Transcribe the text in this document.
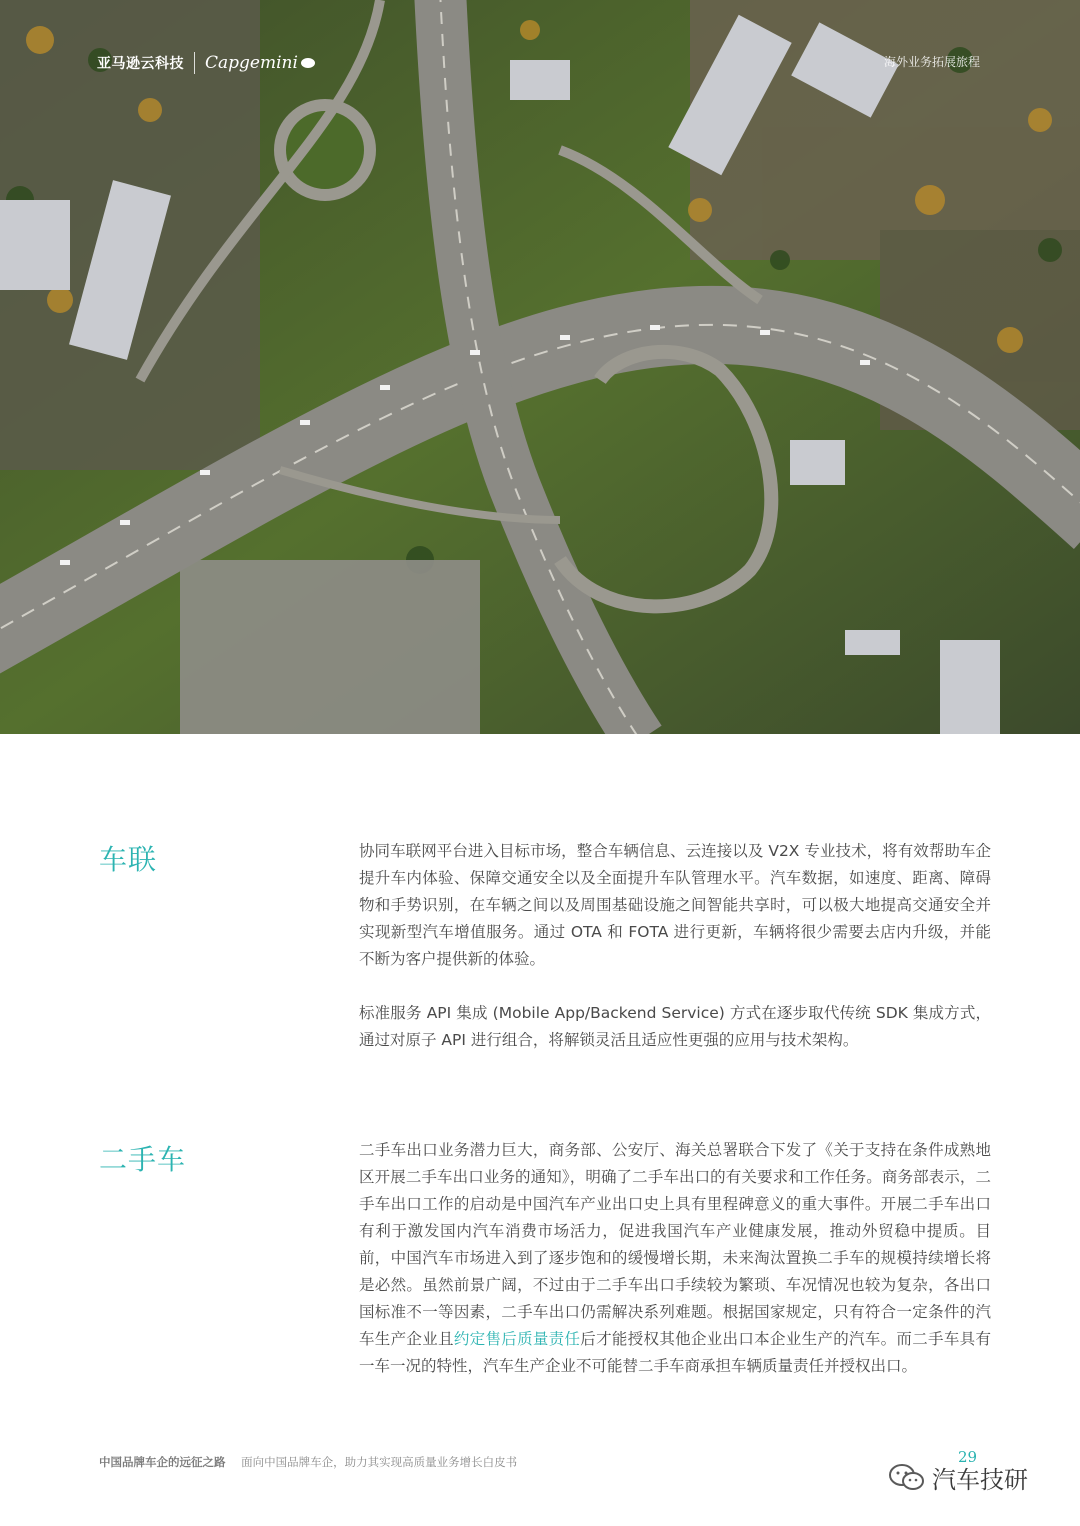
亚马逊云科技 Capgemini	海外业务拓展旅程
车联	协同车联网平台进入目标市场，整合车辆信息、云连接以及 V2X 专业技术，将有效帮助车企提升车内体验、保障交通安全以及全面提升车队管理水平。汽车数据，如速度、距离、障碍物和手势识别，在车辆之间以及周围基础设施之间智能共享时，可以极大地提高交通安全并实现新型汽车增值服务。通过 OTA 和 FOTA 进行更新，车辆将很少需要去店内升级，并能不断为客户提供新的体验。

标准服务 API 集成 (Mobile App/Backend Service) 方式在逐步取代传统 SDK 集成方式，通过对原子 API 进行组合，将解锁灵活且适应性更强的应用与技术架构。

二手车	二手车出口业务潜力巨大，商务部、公安厅、海关总署联合下发了《关于支持在条件成熟地区开展二手车出口业务的通知》，明确了二手车出口的有关要求和工作任务。商务部表示，二手车出口工作的启动是中国汽车产业出口史上具有里程碑意义的重大事件。开展二手车出口有利于激发国内汽车消费市场活力，促进我国汽车产业健康发展，推动外贸稳中提质。目前，中国汽车市场进入到了逐步饱和的缓慢增长期，未来淘汰置换二手车的规模持续增长将是必然。虽然前景广阔，不过由于二手车出口手续较为繁琐、车况情况也较为复杂，各出口国标准不一等因素，二手车出口仍需解决系列难题。根据国家规定，只有符合一定条件的汽车生产企业且约定售后质量责任后才能授权其他企业出口本企业生产的汽车。而二手车具有一车一况的特性，汽车生产企业不可能替二手车商承担车辆质量责任并授权出口。

中国品牌车企的远征之路 面向中国品牌车企，助力其实现高质量业务增长白皮书	29
汽车技研
